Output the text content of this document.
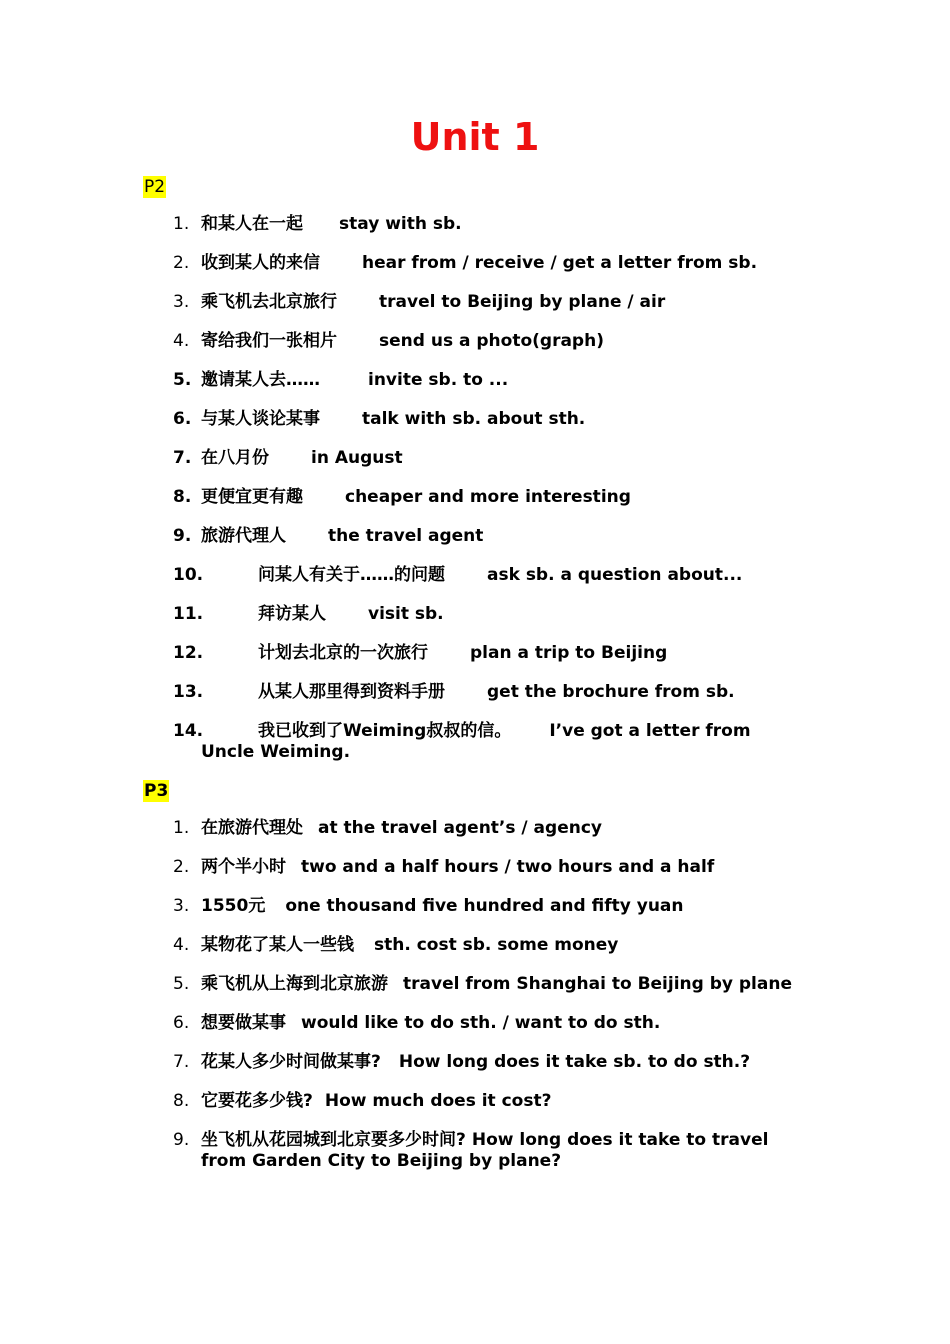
Unit 1
P2
1. 和某人在一起 stay with sb.
2. 收到某人的来信 hear from / receive / get a letter from sb.
3. 乘飞机去北京旅行 travel to Beijing by plane / air
4. 寄给我们一张相片 send us a photo(graph)
5. 邀请某人去……	invite sb. to ...
6. 与某人谈论某事 talk with sb. about sth.
7. 在八月份 in August
8. 更便宜更有趣 cheaper and more interesting
9. 旅游代理人 the travel agent
10.	问某人有关于……的问题 ask sb. a question about...
11.	拜访某人 visit sb.
12.	计划去北京的一次旅行 plan a trip to Beijing
13.	从某人那里得到资料手册 get the brochure from sb.
14.	我已收到了Weiming叔叔的信。 I’ve got a letter from Uncle Weiming.
P3
1. 在旅游代理处 at the travel agent’s / agency
2. 两个半小时 two and a half hours / two hours and a half
3. 1550元 one thousand five hundred and fifty yuan
4. 某物花了某人一些钱 sth. cost sb. some money
5. 乘飞机从上海到北京旅游 travel from Shanghai to Beijing by plane
6. 想要做某事 would like to do sth. / want to do sth.
7. 花某人多少时间做某事? How long does it take sb. to do sth.?
8. 它要花多少钱? How much does it cost?
9. 坐飞机从花园城到北京要多少时间? How long does it take to travel from Garden City to Beijing by plane?
